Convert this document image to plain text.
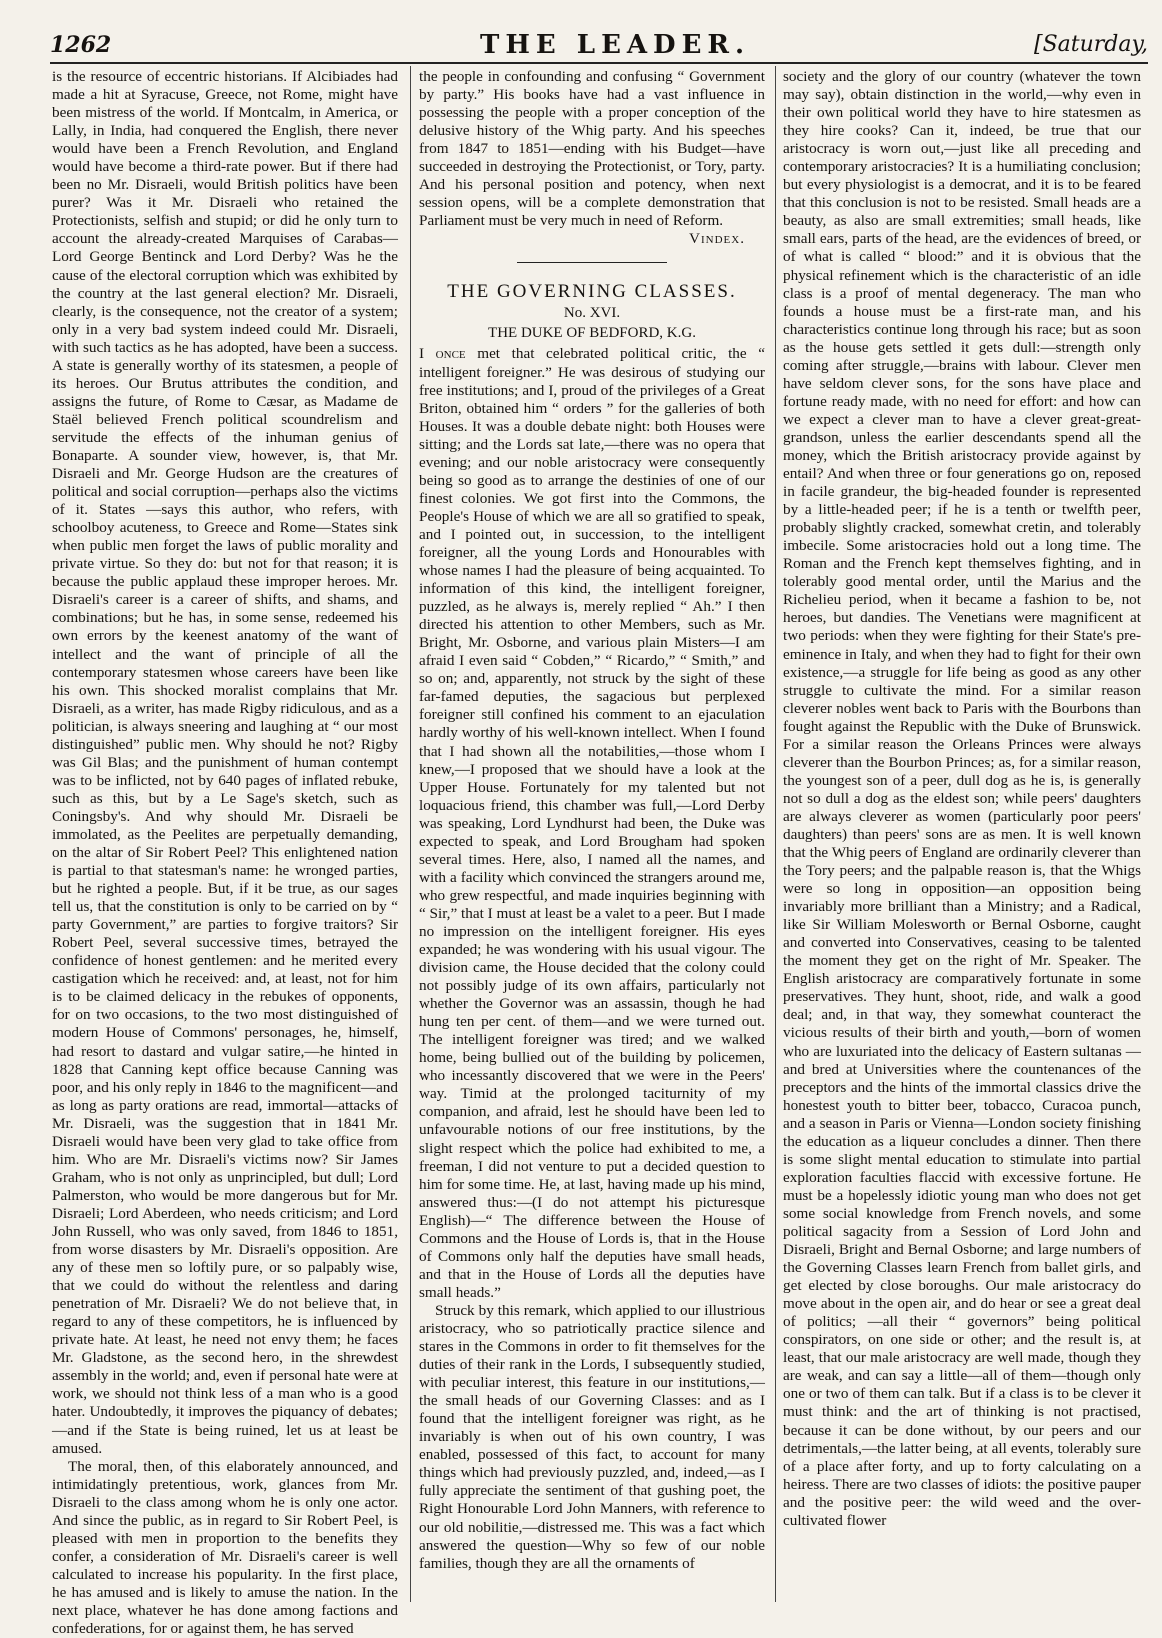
1262	THE LEADER.	[Saturday,

is the resource of eccentric historians. If Alcibiades had made a hit at Syracuse, Greece, not Rome, might have been mistress of the world. If Montcalm, in America, or Lally, in India, had conquered the English, there never would have been a French Revolution, and England would have become a third-rate power. But if there had been no Mr. Disraeli, would British politics have been purer? Was it Mr. Disraeli who retained the Protectionists, selfish and stupid; or did he only turn to account the already-created Marquises of Carabas—Lord George Bentinck and Lord Derby? Was he the cause of the electoral corruption which was exhibited by the country at the last general election? Mr. Disraeli, clearly, is the consequence, not the creator of a system; only in a very bad system indeed could Mr. Disraeli, with such tactics as he has adopted, have been a success. A state is generally worthy of its statesmen, a people of its heroes. Our Brutus attributes the condition, and assigns the future, of Rome to Cæsar, as Madame de Staël believed French political scoundrelism and servitude the effects of the inhuman genius of Bonaparte. A sounder view, however, is, that Mr. Disraeli and Mr. George Hudson are the creatures of political and social corruption—perhaps also the victims of it. States —says this author, who refers, with schoolboy acuteness, to Greece and Rome—States sink when public men forget the laws of public morality and private virtue. So they do: but not for that reason; it is because the public applaud these improper heroes. Mr. Disraeli's career is a career of shifts, and shams, and combinations; but he has, in some sense, redeemed his own errors by the keenest anatomy of the want of intellect and the want of principle of all the contemporary statesmen whose careers have been like his own. This shocked moralist complains that Mr. Disraeli, as a writer, has made Rigby ridiculous, and as a politician, is always sneering and laughing at “ our most distinguished” public men. Why should he not? Rigby was Gil Blas; and the punishment of human contempt was to be inflicted, not by 640 pages of inflated rebuke, such as this, but by a Le Sage's sketch, such as Coningsby's. And why should Mr. Disraeli be immolated, as the Peelites are perpetually demanding, on the altar of Sir Robert Peel? This enlightened nation is partial to that statesman's name: he wronged parties, but he righted a people. But, if it be true, as our sages tell us, that the constitution is only to be carried on by “ party Government,” are parties to forgive traitors? Sir Robert Peel, several successive times, betrayed the confidence of honest gentlemen: and he merited every castigation which he received: and, at least, not for him is to be claimed delicacy in the rebukes of opponents, for on two occasions, to the two most distinguished of modern House of Commons' personages, he, himself, had resort to dastard and vulgar satire,—he hinted in 1828 that Canning kept office because Canning was poor, and his only reply in 1846 to the magnificent—and as long as party orations are read, immortal—attacks of Mr. Disraeli, was the suggestion that in 1841 Mr. Disraeli would have been very glad to take office from him. Who are Mr. Disraeli's victims now? Sir James Graham, who is not only as unprincipled, but dull; Lord Palmerston, who would be more dangerous but for Mr. Disraeli; Lord Aberdeen, who needs criticism; and Lord John Russell, who was only saved, from 1846 to 1851, from worse disasters by Mr. Disraeli's opposition. Are any of these men so loftily pure, or so palpably wise, that we could do without the relentless and daring penetration of Mr. Disraeli? We do not believe that, in regard to any of these competitors, he is influenced by private hate. At least, he need not envy them; he faces Mr. Gladstone, as the second hero, in the shrewdest assembly in the world; and, even if personal hate were at work, we should not think less of a man who is a good hater. Undoubtedly, it improves the piquancy of debates;—and if the State is being ruined, let us at least be amused.

The moral, then, of this elaborately announced, and intimidatingly pretentious, work, glances from Mr. Disraeli to the class among whom he is only one actor. And since the public, as in regard to Sir Robert Peel, is pleased with men in proportion to the benefits they confer, a consideration of Mr. Disraeli's career is well calculated to increase his popularity. In the first place, he has amused and is likely to amuse the nation. In the next place, whatever he has done among factions and confederations, for or against them, he has served

the people in confounding and confusing “ Government by party.” His books have had a vast influence in possessing the people with a proper conception of the delusive history of the Whig party. And his speeches from 1847 to 1851—ending with his Budget—have succeeded in destroying the Protectionist, or Tory, party. And his personal position and potency, when next session opens, will be a complete demonstration that Parliament must be very much in need of Reform.

Vindex.
THE GOVERNING CLASSES.
No. XVI.
THE DUKE OF BEDFORD, K.G.

I once met that celebrated political critic, the “ intelligent foreigner.” He was desirous of studying our free institutions; and I, proud of the privileges of a Great Briton, obtained him “ orders ” for the galleries of both Houses. It was a double debate night: both Houses were sitting; and the Lords sat late,—there was no opera that evening; and our noble aristocracy were consequently being so good as to arrange the destinies of one of our finest colonies. We got first into the Commons, the People's House of which we are all so gratified to speak, and I pointed out, in succession, to the intelligent foreigner, all the young Lords and Honourables with whose names I had the pleasure of being acquainted. To information of this kind, the intelligent foreigner, puzzled, as he always is, merely replied “ Ah.” I then directed his attention to other Members, such as Mr. Bright, Mr. Osborne, and various plain Misters—I am afraid I even said “ Cobden,” “ Ricardo,” “ Smith,” and so on; and, apparently, not struck by the sight of these far-famed deputies, the sagacious but perplexed foreigner still confined his comment to an ejaculation hardly worthy of his well-known intellect. When I found that I had shown all the notabilities,—those whom I knew,—I proposed that we should have a look at the Upper House. Fortunately for my talented but not loquacious friend, this chamber was full,—Lord Derby was speaking, Lord Lyndhurst had been, the Duke was expected to speak, and Lord Brougham had spoken several times. Here, also, I named all the names, and with a facility which convinced the strangers around me, who grew respectful, and made inquiries beginning with “ Sir,” that I must at least be a valet to a peer. But I made no impression on the intelligent foreigner. His eyes expanded; he was wondering with his usual vigour. The division came, the House decided that the colony could not possibly judge of its own affairs, particularly not whether the Governor was an assassin, though he had hung ten per cent. of them—and we were turned out. The intelligent foreigner was tired; and we walked home, being bullied out of the building by policemen, who incessantly discovered that we were in the Peers' way. Timid at the prolonged taciturnity of my companion, and afraid, lest he should have been led to unfavourable notions of our free institutions, by the slight respect which the police had exhibited to me, a freeman, I did not venture to put a decided question to him for some time. He, at last, having made up his mind, answered thus:—(I do not attempt his picturesque English)—“ The difference between the House of Commons and the House of Lords is, that in the House of Commons only half the deputies have small heads, and that in the House of Lords all the deputies have small heads.”

Struck by this remark, which applied to our illustrious aristocracy, who so patriotically practice silence and stares in the Commons in order to fit themselves for the duties of their rank in the Lords, I subsequently studied, with peculiar interest, this feature in our institutions,—the small heads of our Governing Classes: and as I found that the intelligent foreigner was right, as he invariably is when out of his own country, I was enabled, possessed of this fact, to account for many things which had previously puzzled, and, indeed,—as I fully appreciate the sentiment of that gushing poet, the Right Honourable Lord John Manners, with reference to our old nobilitie,—distressed me. This was a fact which answered the question—Why so few of our noble families, though they are all the ornaments of

society and the glory of our country (whatever the town may say), obtain distinction in the world,—why even in their own political world they have to hire statesmen as they hire cooks? Can it, indeed, be true that our aristocracy is worn out,—just like all preceding and contemporary aristocracies? It is a humiliating conclusion; but every physiologist is a democrat, and it is to be feared that this conclusion is not to be resisted. Small heads are a beauty, as also are small extremities; small heads, like small ears, parts of the head, are the evidences of breed, or of what is called “ blood:” and it is obvious that the physical refinement which is the characteristic of an idle class is a proof of mental degeneracy. The man who founds a house must be a first-rate man, and his characteristics continue long through his race; but as soon as the house gets settled it gets dull:—strength only coming after struggle,—brains with labour. Clever men have seldom clever sons, for the sons have place and fortune ready made, with no need for effort: and how can we expect a clever man to have a clever great-great-grandson, unless the earlier descendants spend all the money, which the British aristocracy provide against by entail? And when three or four generations go on, reposed in facile grandeur, the big-headed founder is represented by a little-headed peer; if he is a tenth or twelfth peer, probably slightly cracked, somewhat cretin, and tolerably imbecile. Some aristocracies hold out a long time. The Roman and the French kept themselves fighting, and in tolerably good mental order, until the Marius and the Richelieu period, when it became a fashion to be, not heroes, but dandies. The Venetians were magnificent at two periods: when they were fighting for their State's pre-eminence in Italy, and when they had to fight for their own existence,—a struggle for life being as good as any other struggle to cultivate the mind. For a similar reason cleverer nobles went back to Paris with the Bourbons than fought against the Republic with the Duke of Brunswick. For a similar reason the Orleans Princes were always cleverer than the Bourbon Princes; as, for a similar reason, the youngest son of a peer, dull dog as he is, is generally not so dull a dog as the eldest son; while peers' daughters are always cleverer as women (particularly poor peers' daughters) than peers' sons are as men. It is well known that the Whig peers of England are ordinarily cleverer than the Tory peers; and the palpable reason is, that the Whigs were so long in opposition—an opposition being invariably more brilliant than a Ministry; and a Radical, like Sir William Molesworth or Bernal Osborne, caught and converted into Conservatives, ceasing to be talented the moment they get on the right of Mr. Speaker. The English aristocracy are comparatively fortunate in some preservatives. They hunt, shoot, ride, and walk a good deal; and, in that way, they somewhat counteract the vicious results of their birth and youth,—born of women who are luxuriated into the delicacy of Eastern sultanas —and bred at Universities where the countenances of the preceptors and the hints of the immortal classics drive the honestest youth to bitter beer, tobacco, Curacoa punch, and a season in Paris or Vienna—London society finishing the education as a liqueur concludes a dinner. Then there is some slight mental education to stimulate into partial exploration faculties flaccid with excessive fortune. He must be a hopelessly idiotic young man who does not get some social knowledge from French novels, and some political sagacity from a Session of Lord John and Disraeli, Bright and Bernal Osborne; and large numbers of the Governing Classes learn French from ballet girls, and get elected by close boroughs. Our male aristocracy do move about in the open air, and do hear or see a great deal of politics; —all their “ governors” being political conspirators, on one side or other; and the result is, at least, that our male aristocracy are well made, though they are weak, and can say a little—all of them—though only one or two of them can talk. But if a class is to be clever it must think: and the art of thinking is not practised, because it can be done without, by our peers and our detrimentals,—the latter being, at all events, tolerably sure of a place after forty, and up to forty calculating on a heiress. There are two classes of idiots: the positive pauper and the positive peer: the wild weed and the over-cultivated flower
